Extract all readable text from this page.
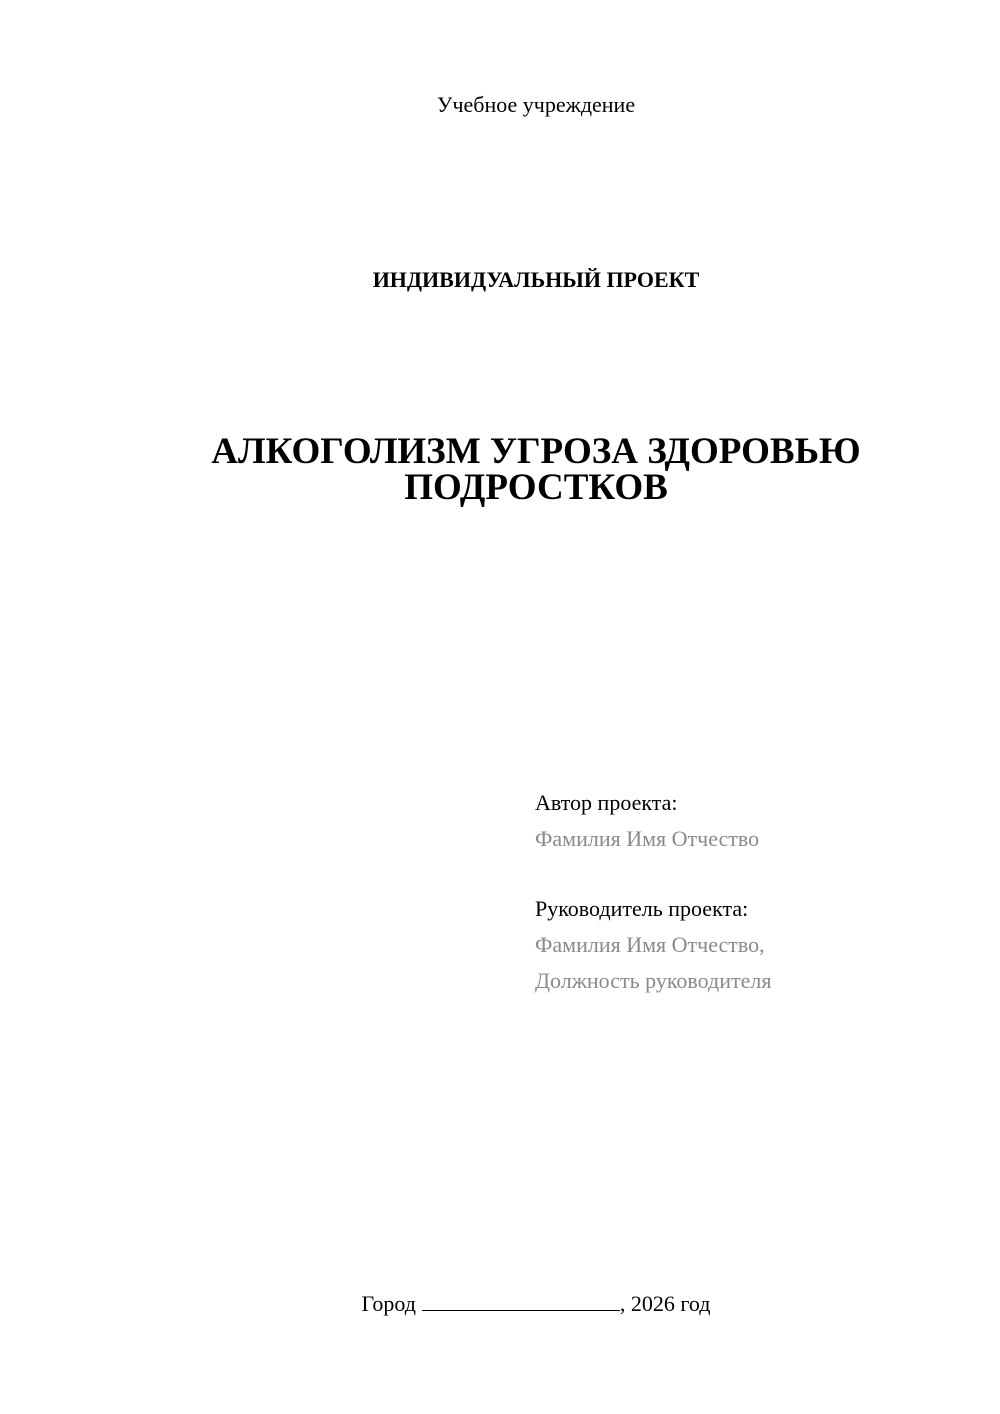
Учебное учреждение
ИНДИВИДУАЛЬНЫЙ ПРОЕКТ
АЛКОГОЛИЗМ УГРОЗА ЗДОРОВЬЮ
ПОДРОСТКОВ
Автор проекта:
Фамилия Имя Отчество
Руководитель проекта:
Фамилия Имя Отчество,
Должность руководителя
Город	, 2026 год
